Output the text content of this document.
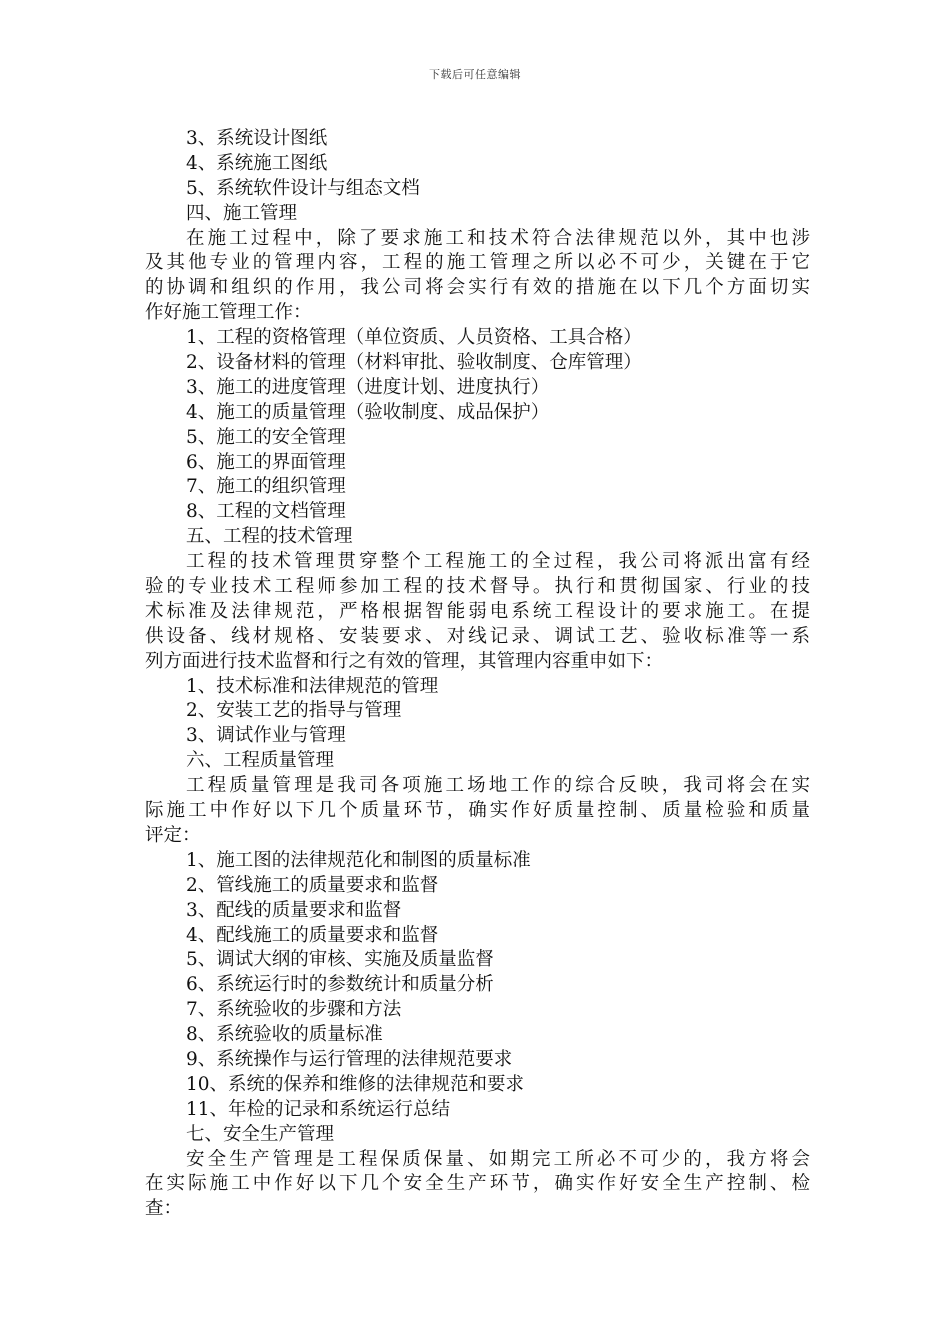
下载后可任意编辑
3、系统设计图纸
4、系统施工图纸
5、系统软件设计与组态文档
四、施工管理
在施工过程中，除了要求施工和技术符合法律规范以外，其中也涉
及其他专业的管理内容，工程的施工管理之所以必不可少，关键在于它
的协调和组织的作用，我公司将会实行有效的措施在以下几个方面切实
作好施工管理工作：
1、工程的资格管理（单位资质、人员资格、工具合格）
2、设备材料的管理（材料审批、验收制度、仓库管理）
3、施工的进度管理（进度计划、进度执行）
4、施工的质量管理（验收制度、成品保护）
5、施工的安全管理
6、施工的界面管理
7、施工的组织管理
8、工程的文档管理
五、工程的技术管理
工程的技术管理贯穿整个工程施工的全过程，我公司将派出富有经
验的专业技术工程师参加工程的技术督导。执行和贯彻国家、行业的技
术标准及法律规范，严格根据智能弱电系统工程设计的要求施工。在提
供设备、线材规格、安装要求、对线记录、调试工艺、验收标准等一系
列方面进行技术监督和行之有效的管理，其管理内容重申如下：
1、技术标准和法律规范的管理
2、安装工艺的指导与管理
3、调试作业与管理
六、工程质量管理
工程质量管理是我司各项施工场地工作的综合反映，我司将会在实
际施工中作好以下几个质量环节，确实作好质量控制、质量检验和质量
评定：
1、施工图的法律规范化和制图的质量标准
2、管线施工的质量要求和监督
3、配线的质量要求和监督
4、配线施工的质量要求和监督
5、调试大纲的审核、实施及质量监督
6、系统运行时的参数统计和质量分析
7、系统验收的步骤和方法
8、系统验收的质量标准
9、系统操作与运行管理的法律规范要求
10、系统的保养和维修的法律规范和要求
11、年检的记录和系统运行总结
七、安全生产管理
安全生产管理是工程保质保量、如期完工所必不可少的，我方将会
在实际施工中作好以下几个安全生产环节，确实作好安全生产控制、检
查：
